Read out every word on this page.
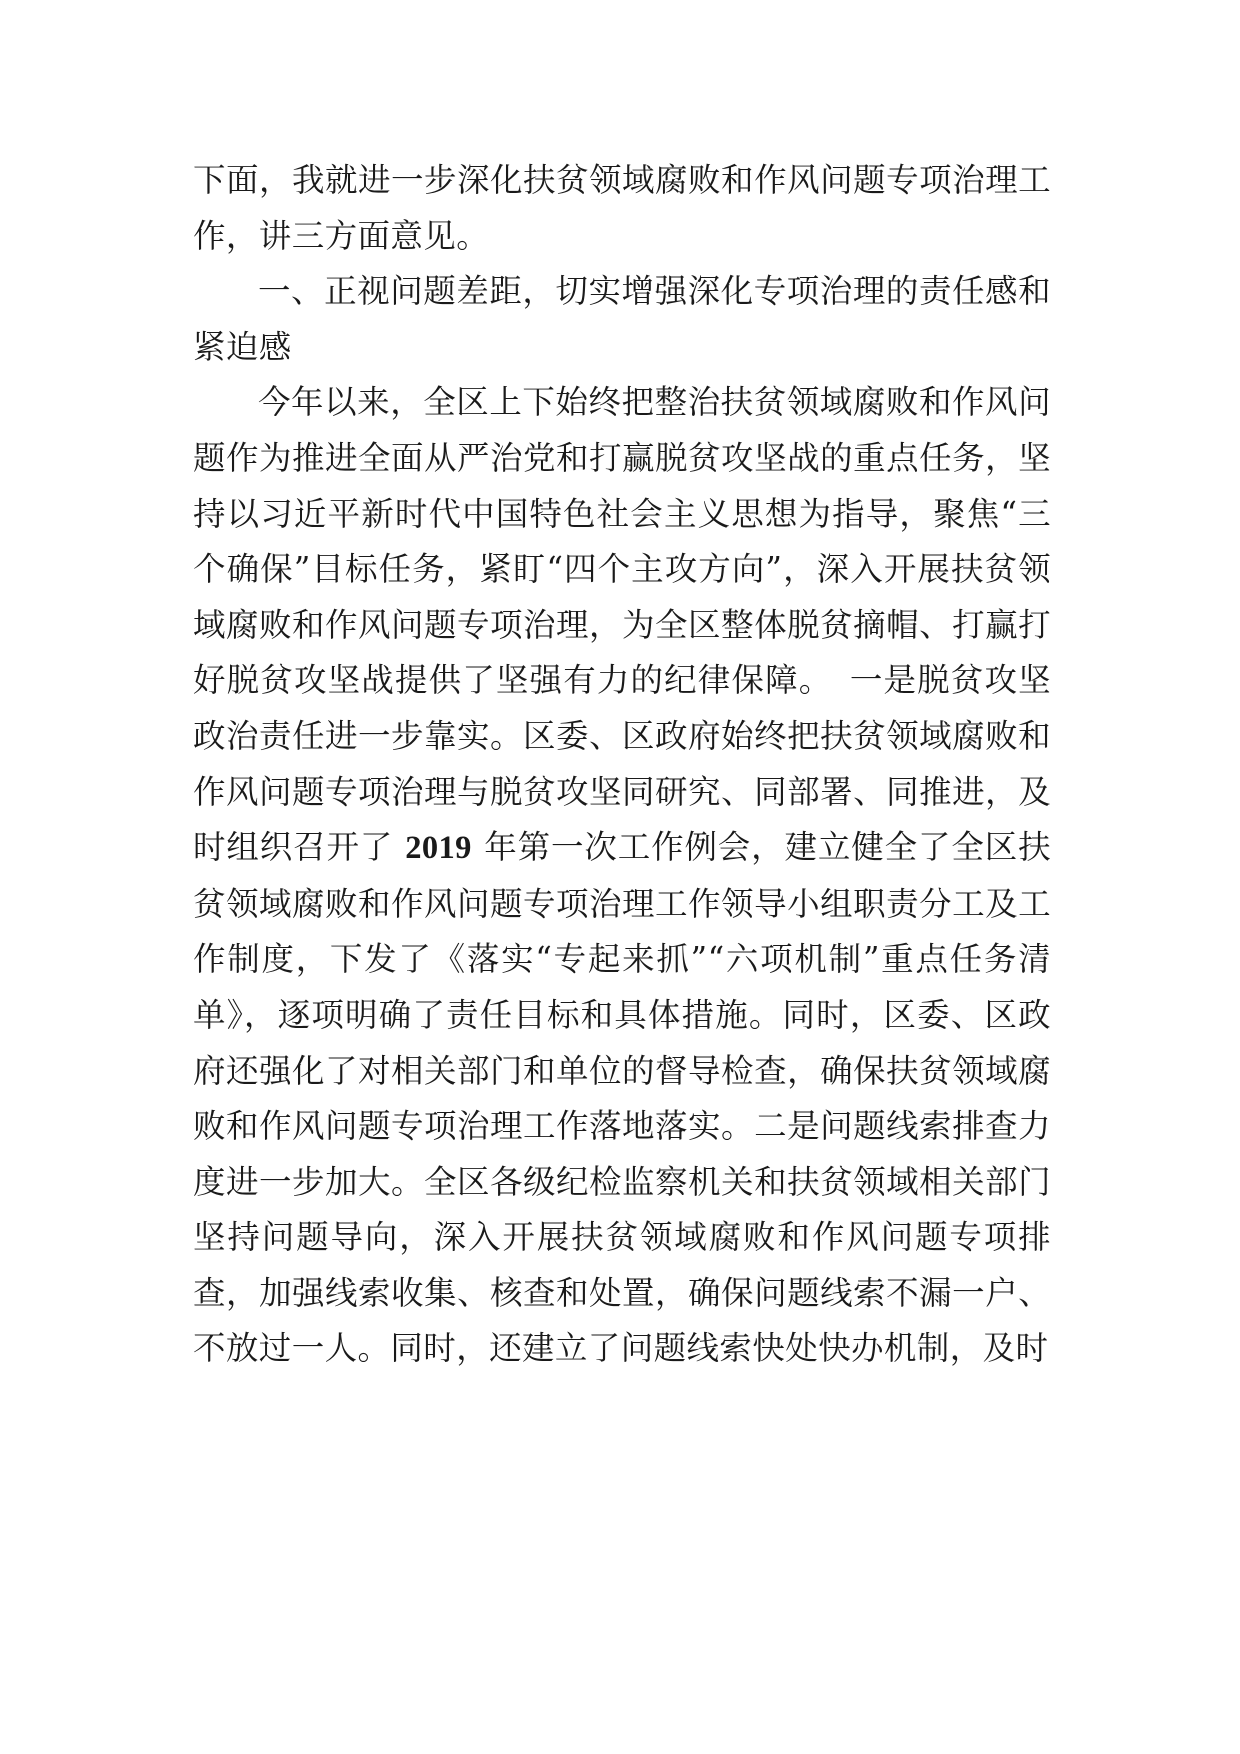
下面，我就进一步深化扶贫领域腐败和作风问题专项治理工作，讲三方面意见。

一、正视问题差距，切实增强深化专项治理的责任感和紧迫感

今年以来，全区上下始终把整治扶贫领域腐败和作风问题作为推进全面从严治党和打赢脱贫攻坚战的重点任务，坚持以习近平新时代中国特色社会主义思想为指导，聚焦“三个确保”目标任务，紧盯“四个主攻方向”，深入开展扶贫领域腐败和作风问题专项治理，为全区整体脱贫摘帽、打赢打好脱贫攻坚战提供了坚强有力的纪律保障。　一是脱贫攻坚政治责任进一步靠实。区委、区政府始终把扶贫领域腐败和作风问题专项治理与脱贫攻坚同研究、同部署、同推进，及时组织召开了 2019 年第一次工作例会，建立健全了全区扶贫领域腐败和作风问题专项治理工作领导小组职责分工及工作制度，下发了《落实“专起来抓”“六项机制”重点任务清单》，逐项明确了责任目标和具体措施。同时，区委、区政府还强化了对相关部门和单位的督导检查，确保扶贫领域腐败和作风问题专项治理工作落地落实。二是问题线索排查力度进一步加大。全区各级纪检监察机关和扶贫领域相关部门坚持问题导向，深入开展扶贫领域腐败和作风问题专项排查，加强线索收集、核查和处置，确保问题线索不漏一户、不放过一人。同时，还建立了问题线索快处快办机制，及时
